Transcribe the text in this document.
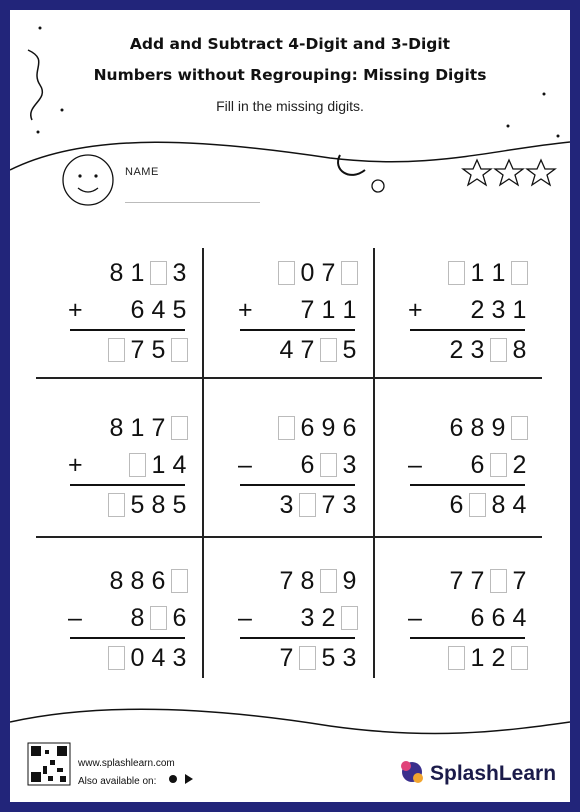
Add and Subtract 4-Digit and 3-Digit
Numbers without Regrouping: Missing Digits
Fill in the missing digits.
NAME
8 1 3
+ 6 4 5
7 5
0 7
+ 7 1 1
4 7 5
1 1
+ 2 3 1
2 3 8
8 1 7
+	1 4
5 8 5
6 9 6
– 6 3
3 7 3
6 8 9
– 6 2
6 8 4
8 8 6
– 8 6
0 4 3
7 8 9
– 3 2
7 5 3
7 7 7
– 6 6 4
1 2
www.splashlearn.com
Also available on:	SplashLearn
